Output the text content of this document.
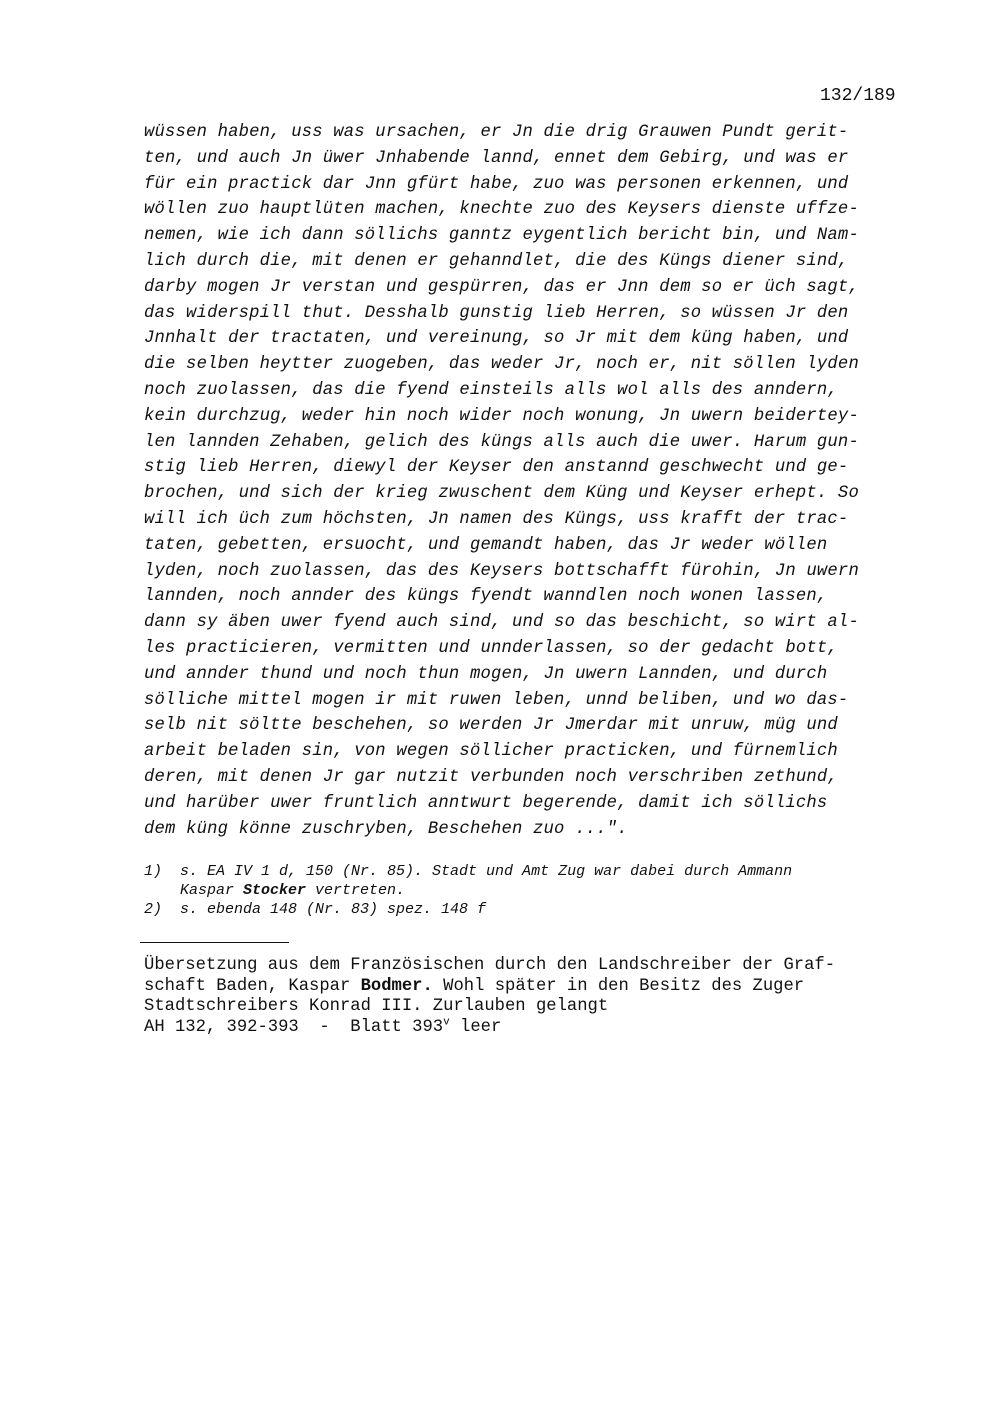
132/189
wüssen haben, uss was ursachen, er Jn die drig Grauwen Pundt gerit-
ten, und auch Jn üwer Jnhabende lannd, ennet dem Gebirg, und was er
für ein practick dar Jnn gfürt habe, zuo was personen erkennen, und
wöllen zuo hauptlüten machen, knechte zuo des Keysers dienste uffze-
nemen, wie ich dann söllichs ganntz eygentlich bericht bin, und Nam-
lich durch die, mit denen er gehanndlet, die des Küngs diener sind,
darby mogen Jr verstan und gespürren, das er Jnn dem so er üch sagt,
das widerspill thut. Desshalb gunstig lieb Herren, so wüssen Jr den
Jnnhalt der tractaten, und vereinung, so Jr mit dem küng haben, und
die selben heytter zuogeben, das weder Jr, noch er, nit söllen lyden
noch zuolassen, das die fyend einsteils alls wol alls des anndern,
kein durchzug, weder hin noch wider noch wonung, Jn uwern beiderteу-
len lannden Zehaben, gelich des küngs alls auch die uwer. Harum gun-
stig lieb Herren, diewyl der Keyser den anstannd geschwecht und ge-
brochen, und sich der krieg zwuschent dem Küng und Keyser erhept. So
will ich üch zum höchsten, Jn namen des Küngs, uss krafft der trac-
taten, gebetten, ersuocht, und gemandt haben, das Jr weder wöllen
lyden, noch zuolassen, das des Keysers bottschafft fürohin, Jn uwern
lannden, noch annder des küngs fyendt wanndlen noch wonen lassen,
dann sy äben uwer fyend auch sind, und so das beschicht, so wirt al-
les practicieren, vermitten und unnderlassen, so der gedacht bott,
und annder thund und noch thun mogen, Jn uwern Lannden, und durch
sölliche mittel mogen ir mit ruwen leben, unnd beliben, und wo das-
selb nit söltte beschehen, so werden Jr Jmerdar mit unruw, müg und
arbeit beladen sin, von wegen söllicher practicken, und fürnemlich
deren, mit denen Jr gar nutzit verbunden noch verschriben zethund,
und harüber uwer fruntlich anntwurt begerende, damit ich söllichs
dem küng könne zuschryben, Beschehen zuo ...".
1)  s. EA IV 1 d, 150 (Nr. 85). Stadt und Amt Zug war dabei durch Ammann
Kaspar Stocker vertreten.
2)  s. ebenda 148 (Nr. 83) spez. 148 f
Übersetzung aus dem Französischen durch den Landschreiber der Graf-
schaft Baden, Kaspar Bodmer. Wohl später in den Besitz des Zuger
Stadtschreibers Konrad III. Zurlauben gelangt
AH 132, 392-393  -  Blatt 393$^v$ leer
